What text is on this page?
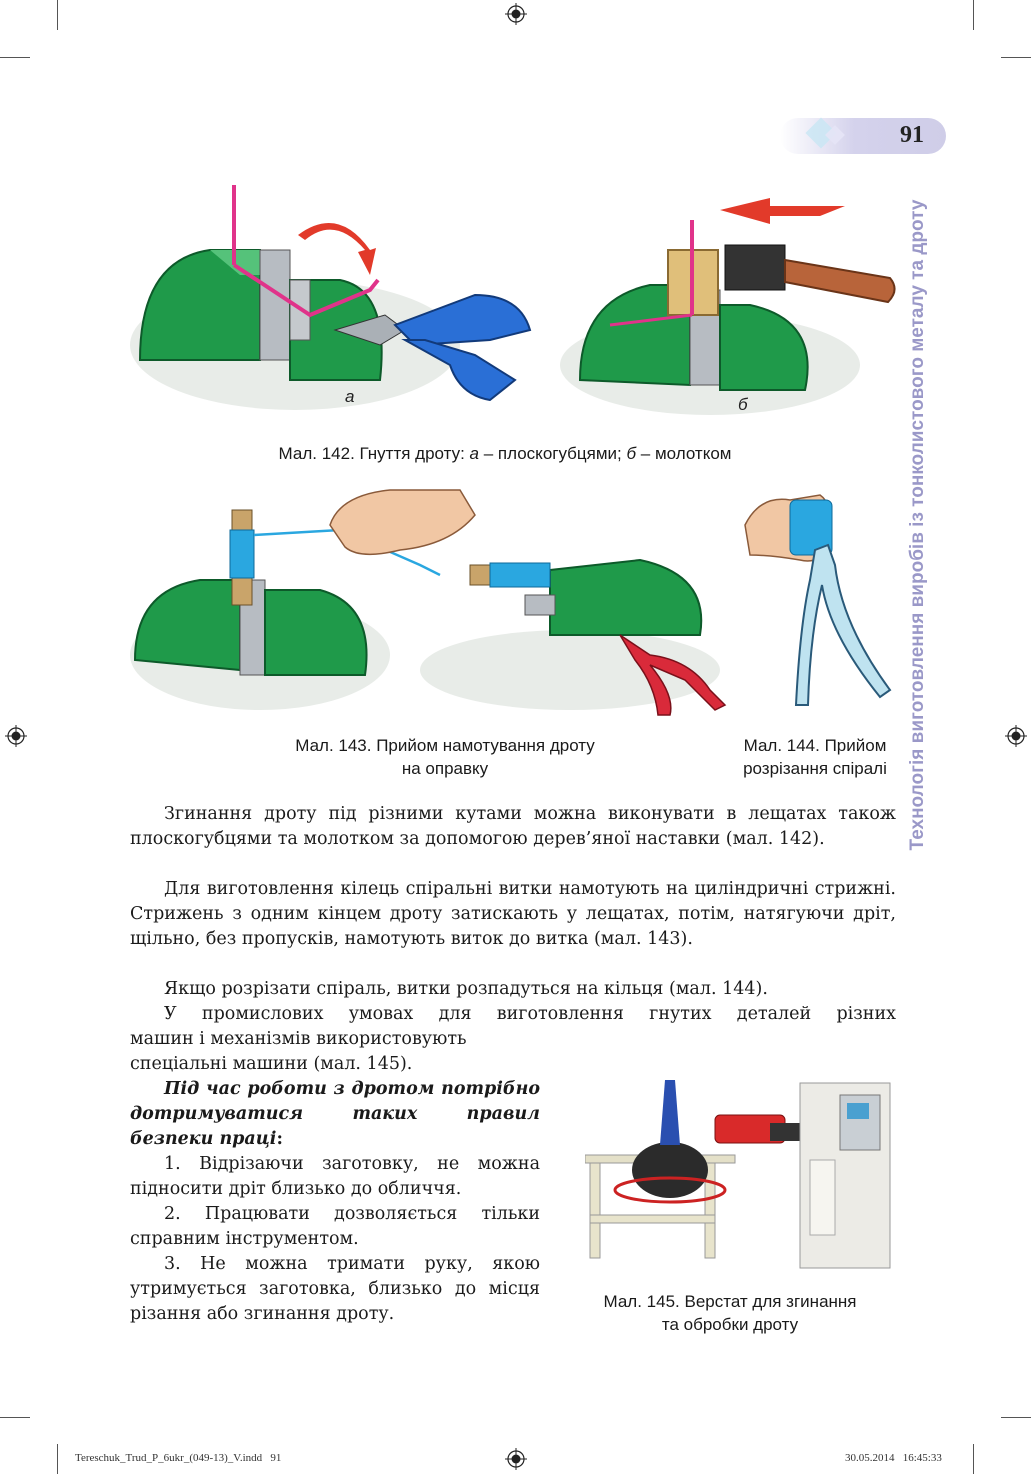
91
Технологія виготовлення виробів із тонколистового металу та дроту
а	б
Мал. 142. Гнуття дроту: а – плоскогубцями; б – молотком
Мал. 143. Прийом намотування дроту
на оправку
Мал. 144. Прийом
розрізання спіралі

Згинання дроту під різними кутами можна виконувати в лещатах також плоскогубцями та молотком за допомогою дерев’яної наставки (мал. 142).

Для виготовлення кілець спіральні витки намотують на циліндричні стрижні. Стрижень з одним кінцем дроту затискають у лещатах, потім, натягуючи дріт, щільно, без пропусків, намотують виток до витка (мал. 143).

Якщо розрізати спіраль, витки розпадуться на кільця (мал. 144).

У промислових умовах для виготовлення гнутих деталей різних

машин і механізмів використовують
спеціальні машини (мал. 145).

Під час роботи з дротом потрібно дотримуватися таких правил безпеки праці:

1. Відрізаючи заготовку, не можна підносити дріт близько до обличчя.

2. Працювати дозволяється тільки справним інструментом.

3. Не можна тримати руку, якою утримується заготовка, близько до місця різання або згинання дроту.

Мал. 145. Верстат для згинання
та обробки дроту
Tereschuk_Trud_P_6ukr_(049-13)_V.indd   91	30.05.2014   16:45:33
